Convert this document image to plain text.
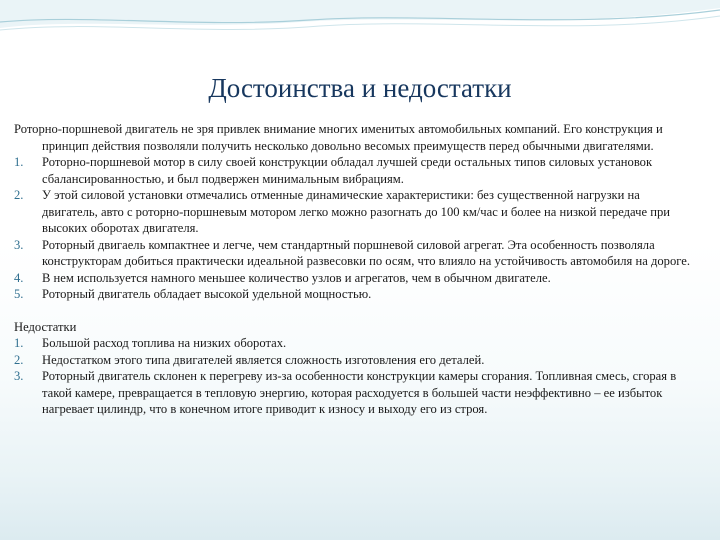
Достоинства и недостатки

Роторно-поршневой двигатель не зря привлек внимание многих именитых автомобильных компаний. Его конструкция и принцип действия позволяли получить несколько довольно весомых преимуществ перед обычными двигателями.

1.	Роторно-поршневой мотор в силу своей конструкции обладал лучшей среди остальных типов силовых установок сбалансированностью, и был подвержен минимальным вибрациям.
2.	У этой силовой установки отмечались отменные динамические характеристики: без существенной нагрузки на двигатель, авто с роторно-поршневым мотором легко можно разогнать до 100 км/час и более на низкой передаче при высоких оборотах двигателя.
3.	Роторный двигаель компактнее и легче, чем стандартный поршневой силовой агрегат. Эта особенность позволяла конструкторам добиться практически идеальной развесовки по осям, что влияло на устойчивость автомобиля на дороге.
4.	В нем используется намного меньшее количество узлов и агрегатов, чем в обычном двигателе.
5.	Роторный двигатель обладает высокой удельной мощностью.

Недостатки

1.	Большой расход топлива на низких оборотах.
2.	Недостатком этого типа двигателей является сложность изготовления его деталей.
3.	Роторный двигатель склонен к перегреву из-за особенности конструкции камеры сгорания. Топливная смесь, сгорая в такой камере, превращается в тепловую энергию, которая расходуется в большей части неэффективно – ее избыток нагревает цилиндр, что в конечном итоге приводит к износу и выходу его из строя.
